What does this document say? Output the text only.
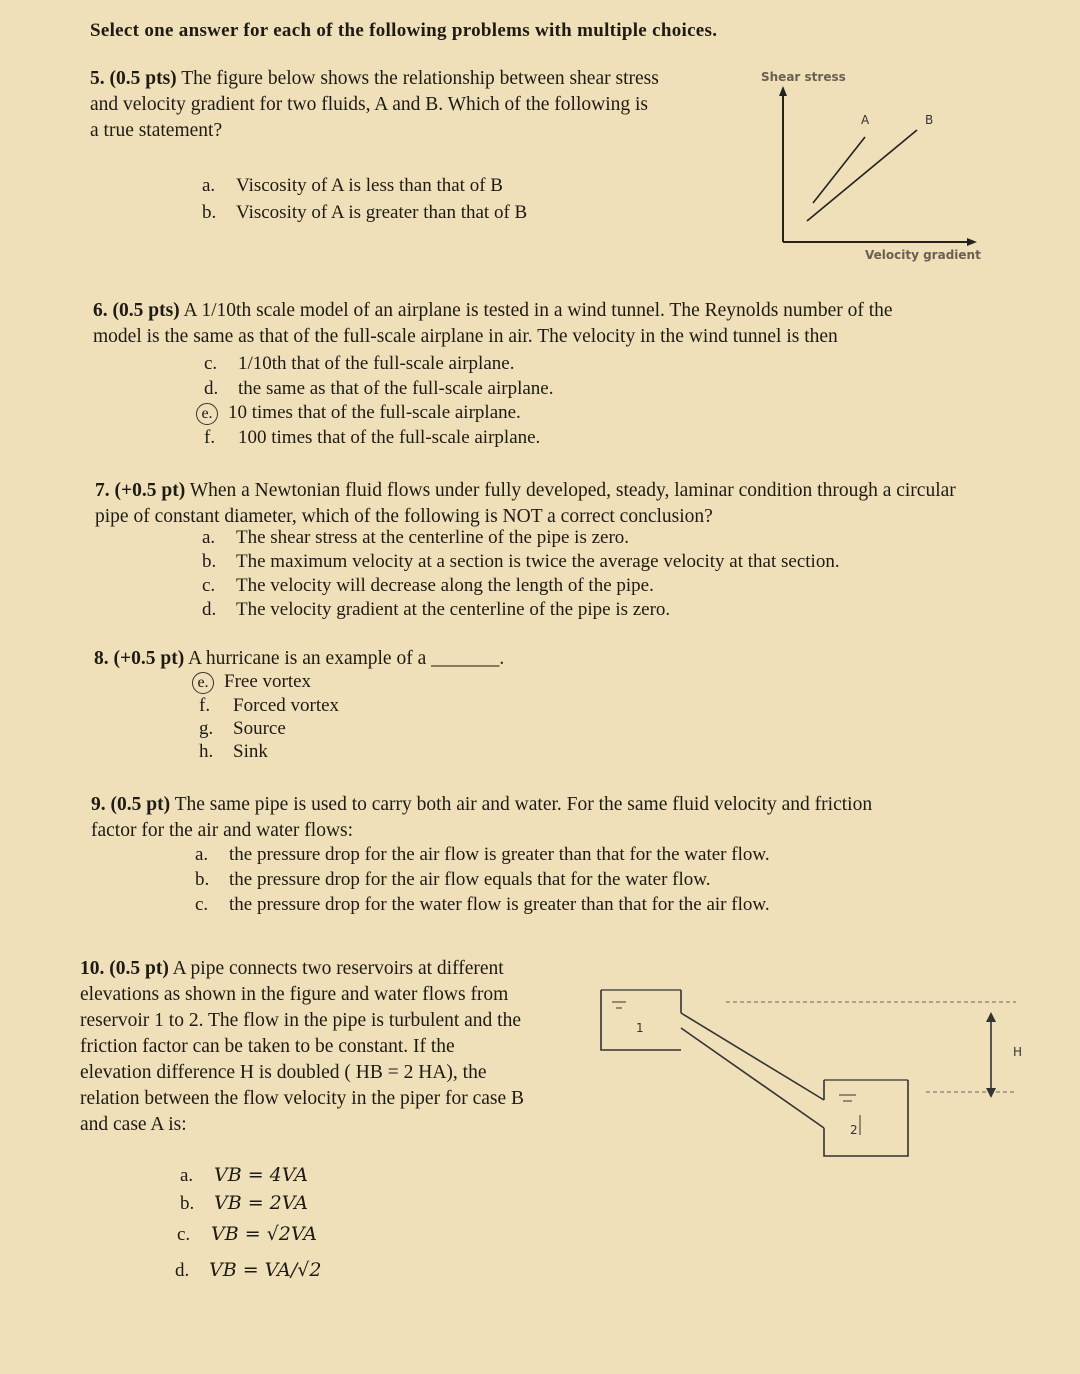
Select one answer for each of the following problems with multiple choices.
5. (0.5 pts) The figure below shows the relationship between shear stress
and velocity gradient for two fluids, A and B. Which of the following is
a true statement?
a. Viscosity of A is less than that of B
b. Viscosity of A is greater than that of B
Shear stress
A	B
Velocity gradient
6. (0.5 pts) A 1/10th scale model of an airplane is tested in a wind tunnel. The Reynolds number of the
model is the same as that of the full-scale airplane in air. The velocity in the wind tunnel is then
c. 1/10th that of the full-scale airplane.
d. the same as that of the full-scale airplane.
e. 10 times that of the full-scale airplane.
f. 100 times that of the full-scale airplane.
7. (+0.5 pt) When a Newtonian fluid flows under fully developed, steady, laminar condition through a circular
pipe of constant diameter, which of the following is NOT a correct conclusion?
a. The shear stress at the centerline of the pipe is zero.
b. The maximum velocity at a section is twice the average velocity at that section.
c. The velocity will decrease along the length of the pipe.
d. The velocity gradient at the centerline of the pipe is zero.
8. (+0.5 pt) A hurricane is an example of a _______.
e. Free vortex
f. Forced vortex
g. Source
h. Sink
9. (0.5 pt) The same pipe is used to carry both air and water. For the same fluid velocity and friction
factor for the air and water flows:
a. the pressure drop for the air flow is greater than that for the water flow.
b. the pressure drop for the air flow equals that for the water flow.
c. the pressure drop for the water flow is greater than that for the air flow.
10. (0.5 pt) A pipe connects two reservoirs at different
elevations as shown in the figure and water flows from
reservoir 1 to 2. The flow in the pipe is turbulent and the
friction factor can be taken to be constant. If the
elevation difference H is doubled ( HB = 2 HA), the
relation between the flow velocity in the piper for case B
and case A is:
1
2
H
a. VB = 4VA
b. VB = 2VA
c. VB = √2VA
d. VB = VA/√2
